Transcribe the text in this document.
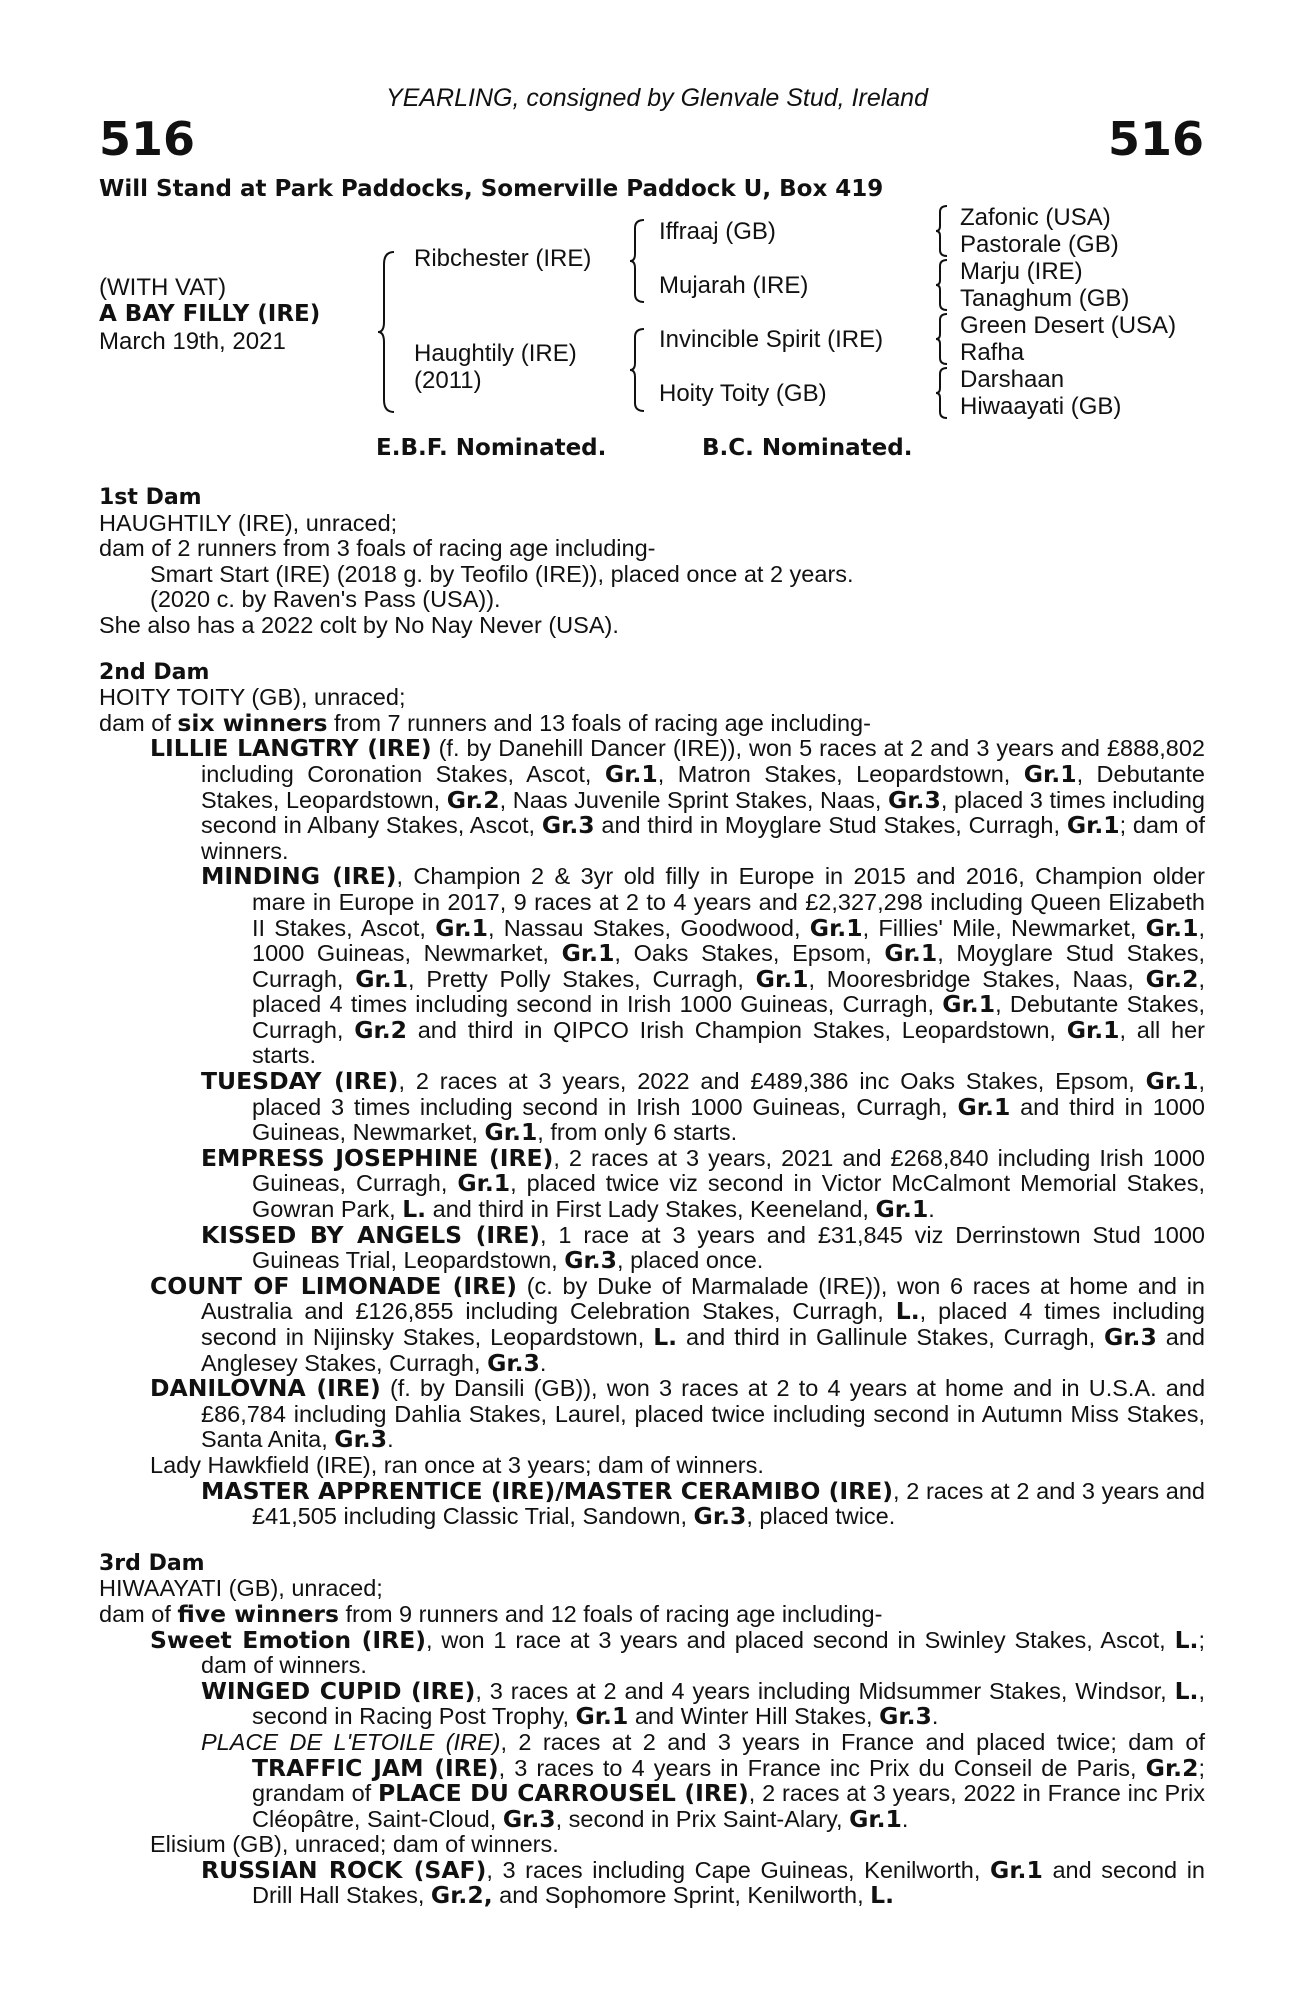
YEARLING, consigned by Glenvale Stud, Ireland
516	516
Will Stand at Park Paddocks, Somerville Paddock U, Box 419
(WITH VAT)
A BAY FILLY (IRE)
March 19th, 2021
Ribchester (IRE)
Haughtily (IRE)
(2011)
Iffraaj (GB)
Mujarah (IRE)
Invincible Spirit (IRE)
Hoity Toity (GB)
Zafonic (USA)
Pastorale (GB)
Marju (IRE)
Tanaghum (GB)
Green Desert (USA)
Rafha
Darshaan
Hiwaayati (GB)
E.B.F. Nominated.	B.C. Nominated.
1st Dam
HAUGHTILY (IRE), unraced;
dam of 2 runners from 3 foals of racing age including-
Smart Start (IRE) (2018 g. by Teofilo (IRE)), placed once at 2 years.
(2020 c. by Raven's Pass (USA)).
She also has a 2022 colt by No Nay Never (USA).
2nd Dam
HOITY TOITY (GB), unraced;
dam of six winners from 7 runners and 13 foals of racing age including-
LILLIE LANGTRY (IRE) (f. by Danehill Dancer (IRE)), won 5 races at 2 and 3 years and £888,802 including Coronation Stakes, Ascot, Gr.1, Matron Stakes, Leopardstown, Gr.1, Debutante Stakes, Leopardstown, Gr.2, Naas Juvenile Sprint Stakes, Naas, Gr.3, placed 3 times including second in Albany Stakes, Ascot, Gr.3 and third in Moyglare Stud Stakes, Curragh, Gr.1; dam of winners.
MINDING (IRE), Champion 2 & 3yr old filly in Europe in 2015 and 2016, Champion older mare in Europe in 2017, 9 races at 2 to 4 years and £2,327,298 including Queen Elizabeth II Stakes, Ascot, Gr.1, Nassau Stakes, Goodwood, Gr.1, Fillies' Mile, Newmarket, Gr.1, 1000 Guineas, Newmarket, Gr.1, Oaks Stakes, Epsom, Gr.1, Moyglare Stud Stakes, Curragh, Gr.1, Pretty Polly Stakes, Curragh, Gr.1, Mooresbridge Stakes, Naas, Gr.2, placed 4 times including second in Irish 1000 Guineas, Curragh, Gr.1, Debutante Stakes, Curragh, Gr.2 and third in QIPCO Irish Champion Stakes, Leopardstown, Gr.1, all her starts.
TUESDAY (IRE), 2 races at 3 years, 2022 and £489,386 inc Oaks Stakes, Epsom, Gr.1, placed 3 times including second in Irish 1000 Guineas, Curragh, Gr.1 and third in 1000 Guineas, Newmarket, Gr.1, from only 6 starts.
EMPRESS JOSEPHINE (IRE), 2 races at 3 years, 2021 and £268,840 including Irish 1000 Guineas, Curragh, Gr.1, placed twice viz second in Victor McCalmont Memorial Stakes, Gowran Park, L. and third in First Lady Stakes, Keeneland, Gr.1.
KISSED BY ANGELS (IRE), 1 race at 3 years and £31,845 viz Derrinstown Stud 1000 Guineas Trial, Leopardstown, Gr.3, placed once.
COUNT OF LIMONADE (IRE) (c. by Duke of Marmalade (IRE)), won 6 races at home and in Australia and £126,855 including Celebration Stakes, Curragh, L., placed 4 times including second in Nijinsky Stakes, Leopardstown, L. and third in Gallinule Stakes, Curragh, Gr.3 and Anglesey Stakes, Curragh, Gr.3.
DANILOVNA (IRE) (f. by Dansili (GB)), won 3 races at 2 to 4 years at home and in U.S.A. and £86,784 including Dahlia Stakes, Laurel, placed twice including second in Autumn Miss Stakes, Santa Anita, Gr.3.
Lady Hawkfield (IRE), ran once at 3 years; dam of winners.
MASTER APPRENTICE (IRE)/MASTER CERAMIBO (IRE), 2 races at 2 and 3 years and £41,505 including Classic Trial, Sandown, Gr.3, placed twice.
3rd Dam
HIWAAYATI (GB), unraced;
dam of five winners from 9 runners and 12 foals of racing age including-
Sweet Emotion (IRE), won 1 race at 3 years and placed second in Swinley Stakes, Ascot, L.; dam of winners.
WINGED CUPID (IRE), 3 races at 2 and 4 years including Midsummer Stakes, Windsor, L., second in Racing Post Trophy, Gr.1 and Winter Hill Stakes, Gr.3.
PLACE DE L'ETOILE (IRE), 2 races at 2 and 3 years in France and placed twice; dam of TRAFFIC JAM (IRE), 3 races to 4 years in France inc Prix du Conseil de Paris, Gr.2; grandam of PLACE DU CARROUSEL (IRE), 2 races at 3 years, 2022 in France inc Prix Cléopâtre, Saint-Cloud, Gr.3, second in Prix Saint-Alary, Gr.1.
Elisium (GB), unraced; dam of winners.
RUSSIAN ROCK (SAF), 3 races including Cape Guineas, Kenilworth, Gr.1 and second in Drill Hall Stakes, Gr.2, and Sophomore Sprint, Kenilworth, L.
